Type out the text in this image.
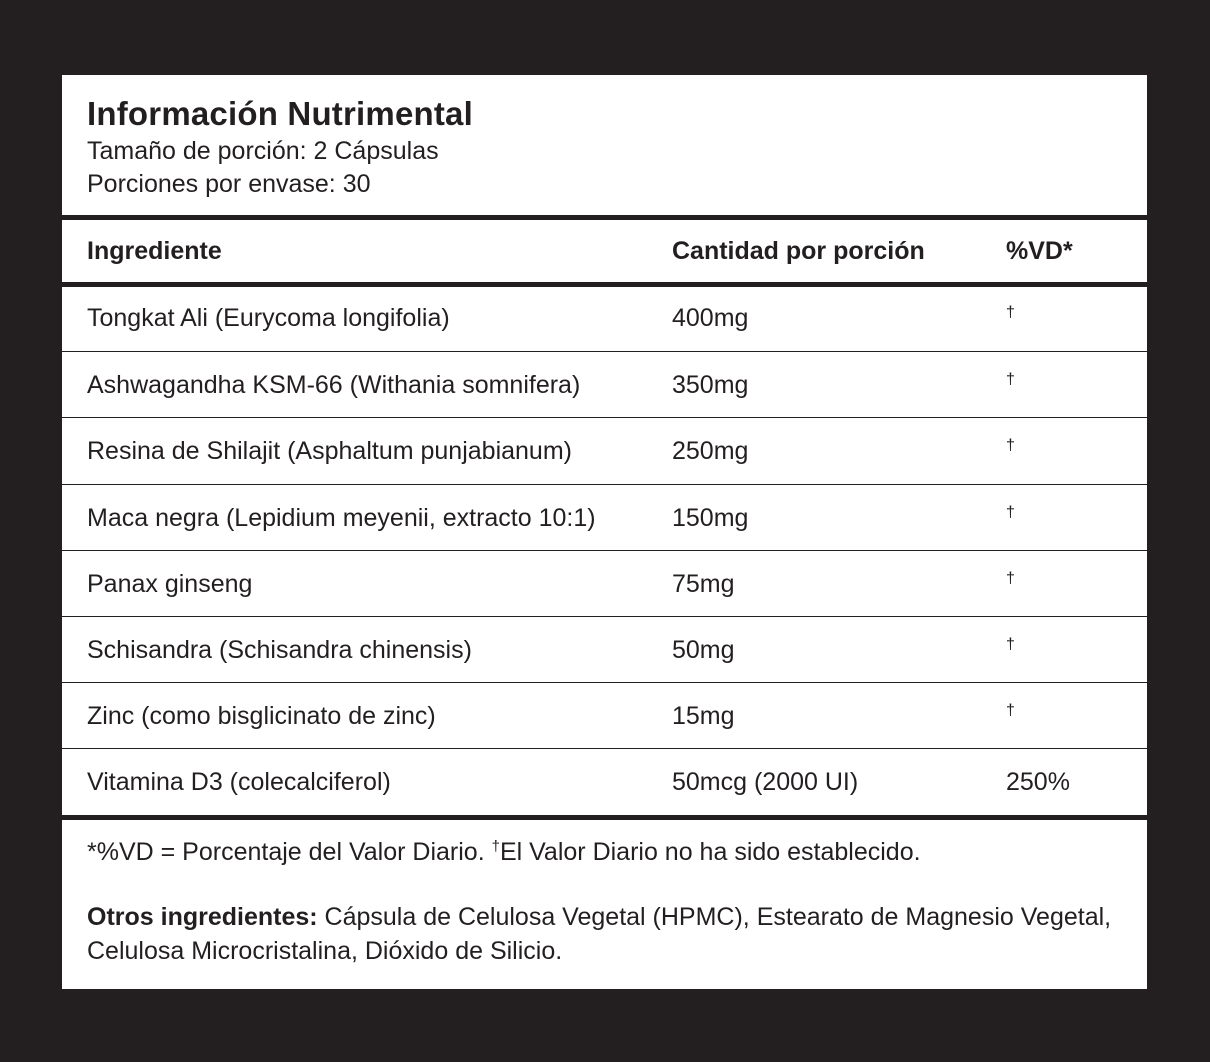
Información Nutrimental
Tamaño de porción: 2 Cápsulas
Porciones por envase: 30
Ingrediente	Cantidad por porción	%VD*
Tongkat Ali (Eurycoma longifolia)	400mg	†
Ashwagandha KSM-66 (Withania somnifera)	350mg	†
Resina de Shilajit (Asphaltum punjabianum)	250mg	†
Maca negra (Lepidium meyenii, extracto 10:1)	150mg	†
Panax ginseng	75mg	†
Schisandra (Schisandra chinensis)	50mg	†
Zinc (como bisglicinato de zinc)	15mg	†
Vitamina D3 (colecalciferol)	50mcg (2000 UI)	250%
*%VD = Porcentaje del Valor Diario. †El Valor Diario no ha sido establecido.
Otros ingredientes: Cápsula de Celulosa Vegetal (HPMC), Estearato de Magnesio Vegetal, Celulosa Microcristalina, Dióxido de Silicio.
